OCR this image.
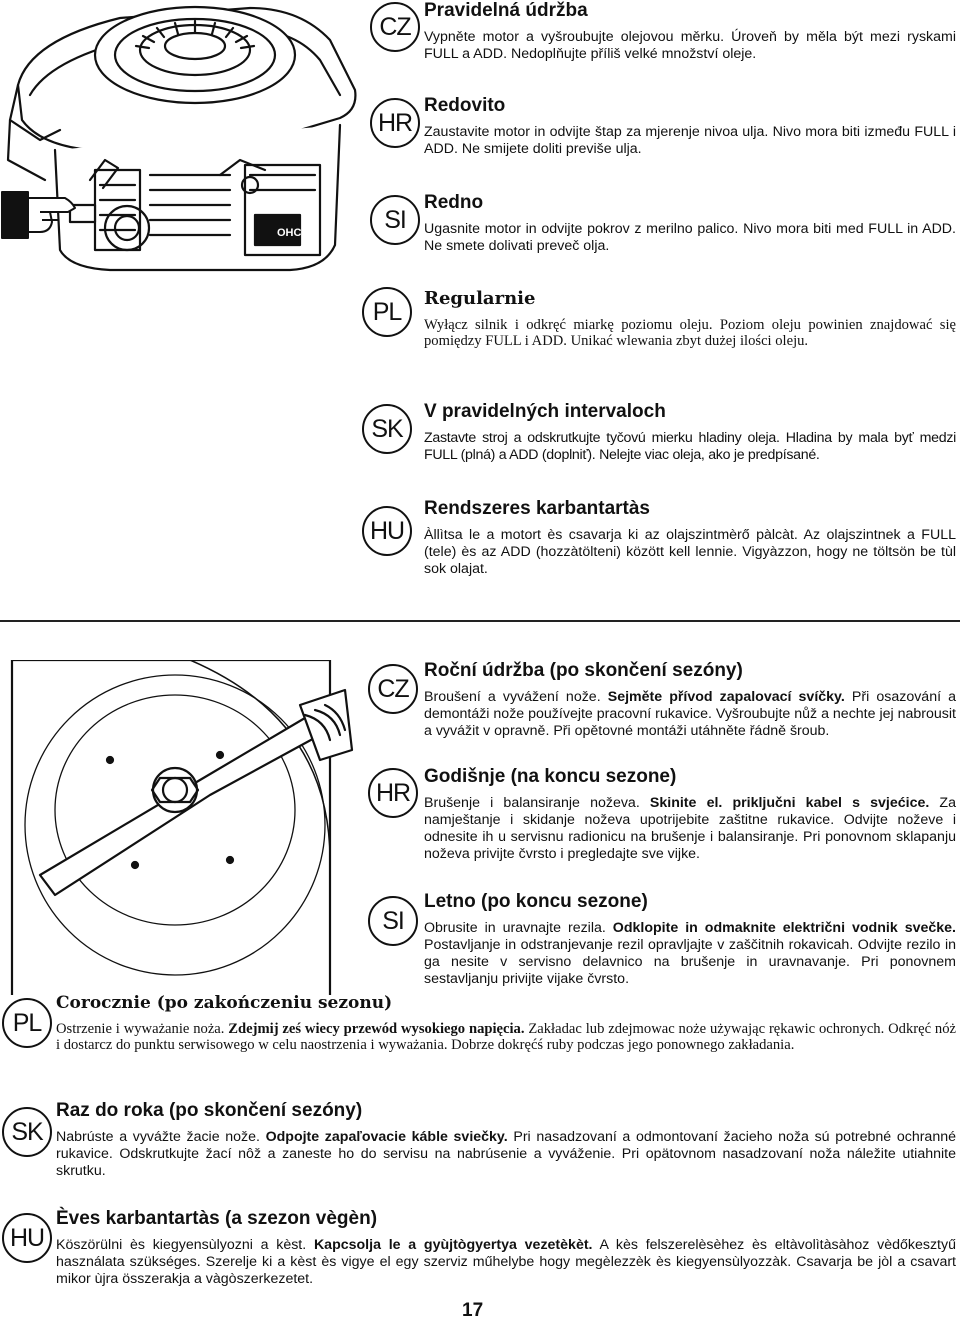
OHC
CZ

Pravidelná údržba

Vypněte motor a vyšroubujte olejovou měrku. Úroveň by měla být mezi ryskami FULL a ADD. Nedoplňujte příliš velké množství oleje.

HR

Redovito

Zaustavite motor in odvijte štap za mjerenje nivoa ulja. Nivo mora biti između FULL i ADD. Ne smijete doliti previše ulja.

SI

Redno

Ugasnite motor in odvijte pokrov z merilno palico. Nivo mora biti med FULL in ADD. Ne smete dolivati preveč olja.

PL Regularnie

Wyłącz silnik i odkręć miarkę poziomu oleju. Poziom oleju powinien znajdować się pomiędzy FULL i ADD. Unikać wlewania zbyt dużej ilości oleju.

SK

V pravidelných intervaloch

Zastavte stroj a odskrutkujte tyčovú mierku hladiny oleja. Hladina by mala byť medzi FULL (plná) a ADD (doplniť). Nelejte viac oleja, ako je predpísané.

HU

Rendszeres karbantartàs

Àllìtsa le a motort ès csavarja ki az olajszintmèrő pàlcàt. Az olajszintnek a FULL (tele) ès az ADD (hozzàtölteni) között kell lennie. Vigyàzzon, hogy ne töltsön be tùl sok olajat.

CZ

Roční údržba (po skončení sezóny)

Broušení a vyvážení nože. Sejměte přívod zapalovací svíčky. Při osazování a demontáži nože používejte pracovní rukavice. Vyšroubujte nůž a nechte jej nabrousit a vyvážit v opravně. Při opětovné montáži utáhněte řádně šroub.

HR

Godišnje (na koncu sezone)

Brušenje i balansiranje noževa. Skinite el. priključni kabel s svjećice. Za namještanje i skidanje noževa upotrijebite zaštitne rukavice. Odvijte noževe i odnesite ih u servisnu radionicu na brušenje i balansiranje. Pri ponovnom sklapanju noževa privijte čvrsto i pregledajte sve vijke.

SI

Letno (po koncu sezone)

Obrusite in uravnajte rezila. Odklopite in odmaknite električni vodnik svečke. Postavljanje in odstranjevanje rezil opravljajte v zaščitnih rokavicah. Odvijte rezilo in ga nesite v servisno delavnico na brušenje in uravnavanje. Pri ponovnem sestavljanju privijte vijake čvrsto.

PL

Corocznie (po zakończeniu sezonu)

Ostrzenie i wyważanie noża. Zdejmij ześ wiecy przewód wysokiego napięcia. Zakładac lub zdejmowac noże używając rękawic ochronych. Odkręć nóż i dostarcz do punktu serwisowego w celu naostrzenia i wyważania. Dobrze dokręćś ruby podczas jego ponownego zakładania.

SK

Raz do roka (po skončení sezóny)

Nabrúste a vyvážte žacie nože. Odpojte zapaľovacie káble sviečky. Pri nasadzovaní a odmontovaní žacieho noža sú potrebné ochranné rukavice. Odskrutkujte žací nôž a zaneste ho do servisu na nabrúsenie a vyváženie. Pri opätovnom nasadzovaní noža náležite utiahnite skrutku.

HU

Èves karbantartàs (a szezon vègèn)

Köszörülni ès kiegyensùlyozni a kèst. Kapcsolja le a gyùjtògyertya vezetèkèt. A kès felszerelèsèhez ès eltàvolìtàsàhoz vèdőkesztyű használata szükséges. Szerelje ki a kèst ès vigye el egy szerviz műhelybe hogy megèlezzèk ès kiegyensùlyozzàk. Csavarja be jòl a csavart mikor ùjra összerakja a vàgòszerkezetet.

17
